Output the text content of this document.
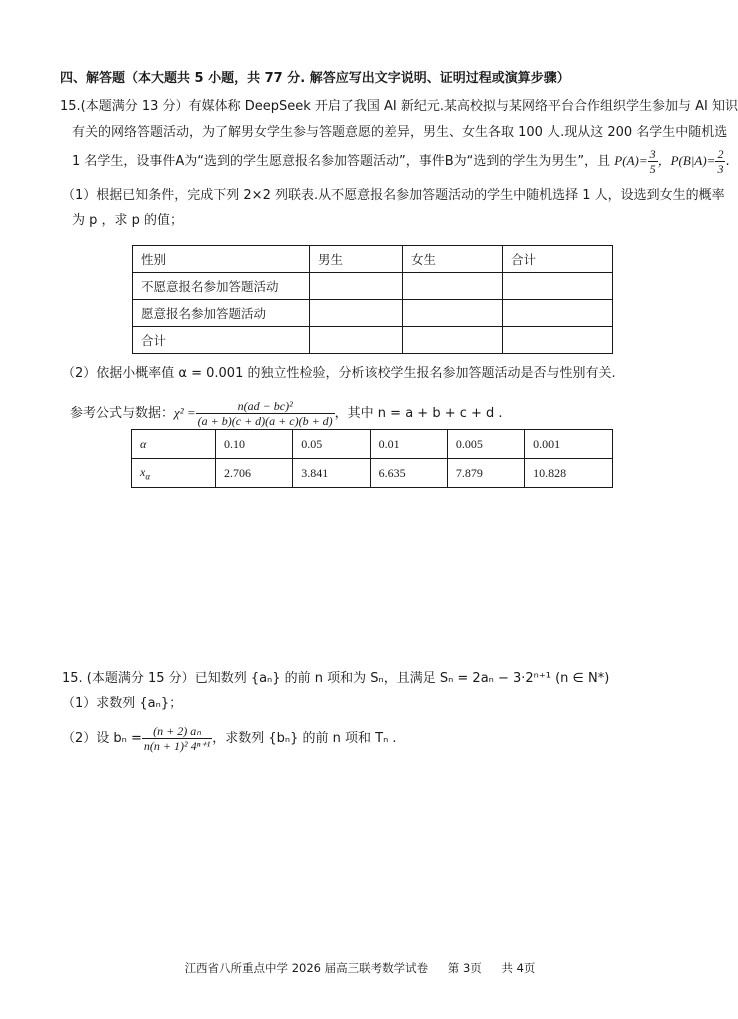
四、解答题（本大题共 5 小题，共 77 分. 解答应写出文字说明、证明过程或演算步骤）
15.(本题满分 13 分）有媒体称 DeepSeek 开启了我国 AI 新纪元.某高校拟与某网络平台合作组织学生参加与 AI 知识
有关的网络答题活动，为了解男女学生参与答题意愿的差异，男生、女生各取 100 人.现从这 200 名学生中随机选
1 名学生，设事件A为“选到的学生愿意报名参加答题活动”，事件B为“选到的学生为男生”，且 $P(A)= \frac{3}{5}$ ，$P(B|A)= \frac{2}{3}$ .
（1）根据已知条件，完成下列 2×2 列联表.从不愿意报名参加答题活动的学生中随机选择 1 人，设选到女生的概率
为 p ，求 p 的值；
性别	男生	女生	合计
不愿意报名参加答题活动			
愿意报名参加答题活动			
合计			
（2）依据小概率值 α = 0.001 的独立性检验，分析该校学生报名参加答题活动是否与性别有关.
参考公式与数据：$\chi^2 = \frac{\text{n(ad − bc)²}}{(a + b)(c + d)(a + c)(b + d)}$ ，其中 n = a + b + c + d .
α	0.10	0.05	0.01	0.005	0.001
$x_\alpha$	2.706	3.841	6.635	7.879	10.828
15. (本题满分 15 分）已知数列 {aₙ} 的前 n 项和为 Sₙ，且满足 Sₙ = 2aₙ − 3·2ⁿ⁺¹ (n ∈ N*)
（1）求数列 {aₙ}；
（2）设 $b_n = \frac{\text{(n + 2) aₙ}}{\text{n(n + 1)² 4ⁿ⁺¹}}$ ，求数列 {bₙ} 的前 n 项和 Tₙ .
江西省八所重点中学 2026 届高三联考数学试卷 第 3页 共 4页
